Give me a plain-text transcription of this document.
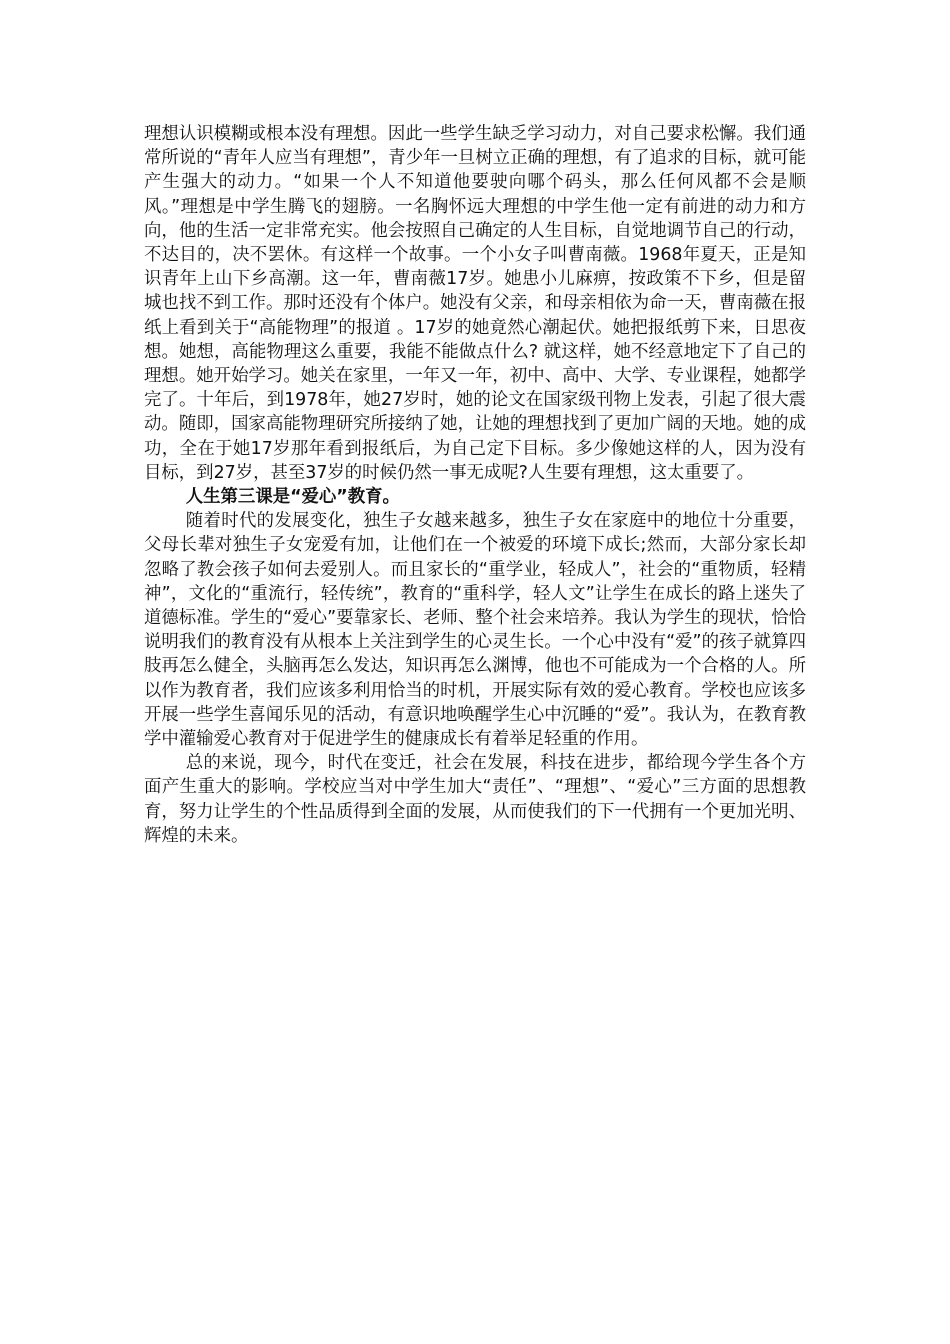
理想认识模糊或根本没有理想。因此一些学生缺乏学习动力，对自己要求松懈。我们通常所说的“青年人应当有理想”，青少年一旦树立正确的理想，有了追求的目标，就可能产生强大的动力。“如果一个人不知道他要驶向哪个码头，那么任何风都不会是顺风。”理想是中学生腾飞的翅膀。一名胸怀远大理想的中学生他一定有前进的动力和方向，他的生活一定非常充实。他会按照自己确定的人生目标，自觉地调节自己的行动，不达目的，决不罢休。有这样一个故事。一个小女子叫曹南薇。1968年夏天，正是知识青年上山下乡高潮。这一年，曹南薇17岁。她患小儿麻痹，按政策不下乡，但是留城也找不到工作。那时还没有个体户。她没有父亲，和母亲相依为命一天，曹南薇在报纸上看到关于“高能物理”的报道 。17岁的她竟然心潮起伏。她把报纸剪下来，日思夜想。她想，高能物理这么重要，我能不能做点什么? 就这样，她不经意地定下了自己的理想。她开始学习。她关在家里，一年又一年，初中、高中、大学、专业课程，她都学完了。十年后，到1978年，她27岁时，她的论文在国家级刊物上发表，引起了很大震动。随即，国家高能物理研究所接纳了她，让她的理想找到了更加广阔的天地。她的成功，全在于她17岁那年看到报纸后，为自己定下目标。多少像她这样的人，因为没有目标，到27岁，甚至37岁的时候仍然一事无成呢?人生要有理想，这太重要了。

人生第三课是“爱心”教育。

随着时代的发展变化，独生子女越来越多，独生子女在家庭中的地位十分重要，父母长辈对独生子女宠爱有加，让他们在一个被爱的环境下成长;然而，大部分家长却忽略了教会孩子如何去爱别人。而且家长的“重学业，轻成人”，社会的“重物质，轻精神”，文化的“重流行，轻传统”，教育的“重科学，轻人文”让学生在成长的路上迷失了道德标准。学生的“爱心”要靠家长、老师、整个社会来培养。我认为学生的现状，恰恰说明我们的教育没有从根本上关注到学生的心灵生长。一个心中没有“爱”的孩子就算四肢再怎么健全，头脑再怎么发达，知识再怎么渊博，他也不可能成为一个合格的人。所以作为教育者，我们应该多利用恰当的时机，开展实际有效的爱心教育。学校也应该多开展一些学生喜闻乐见的活动，有意识地唤醒学生心中沉睡的“爱”。我认为，在教育教学中灌输爱心教育对于促进学生的健康成长有着举足轻重的作用。

总的来说，现今，时代在变迁，社会在发展，科技在进步，都给现今学生各个方面产生重大的影响。学校应当对中学生加大“责任”、“理想”、“爱心”三方面的思想教育，努力让学生的个性品质得到全面的发展，从而使我们的下一代拥有一个更加光明、辉煌的未来。
